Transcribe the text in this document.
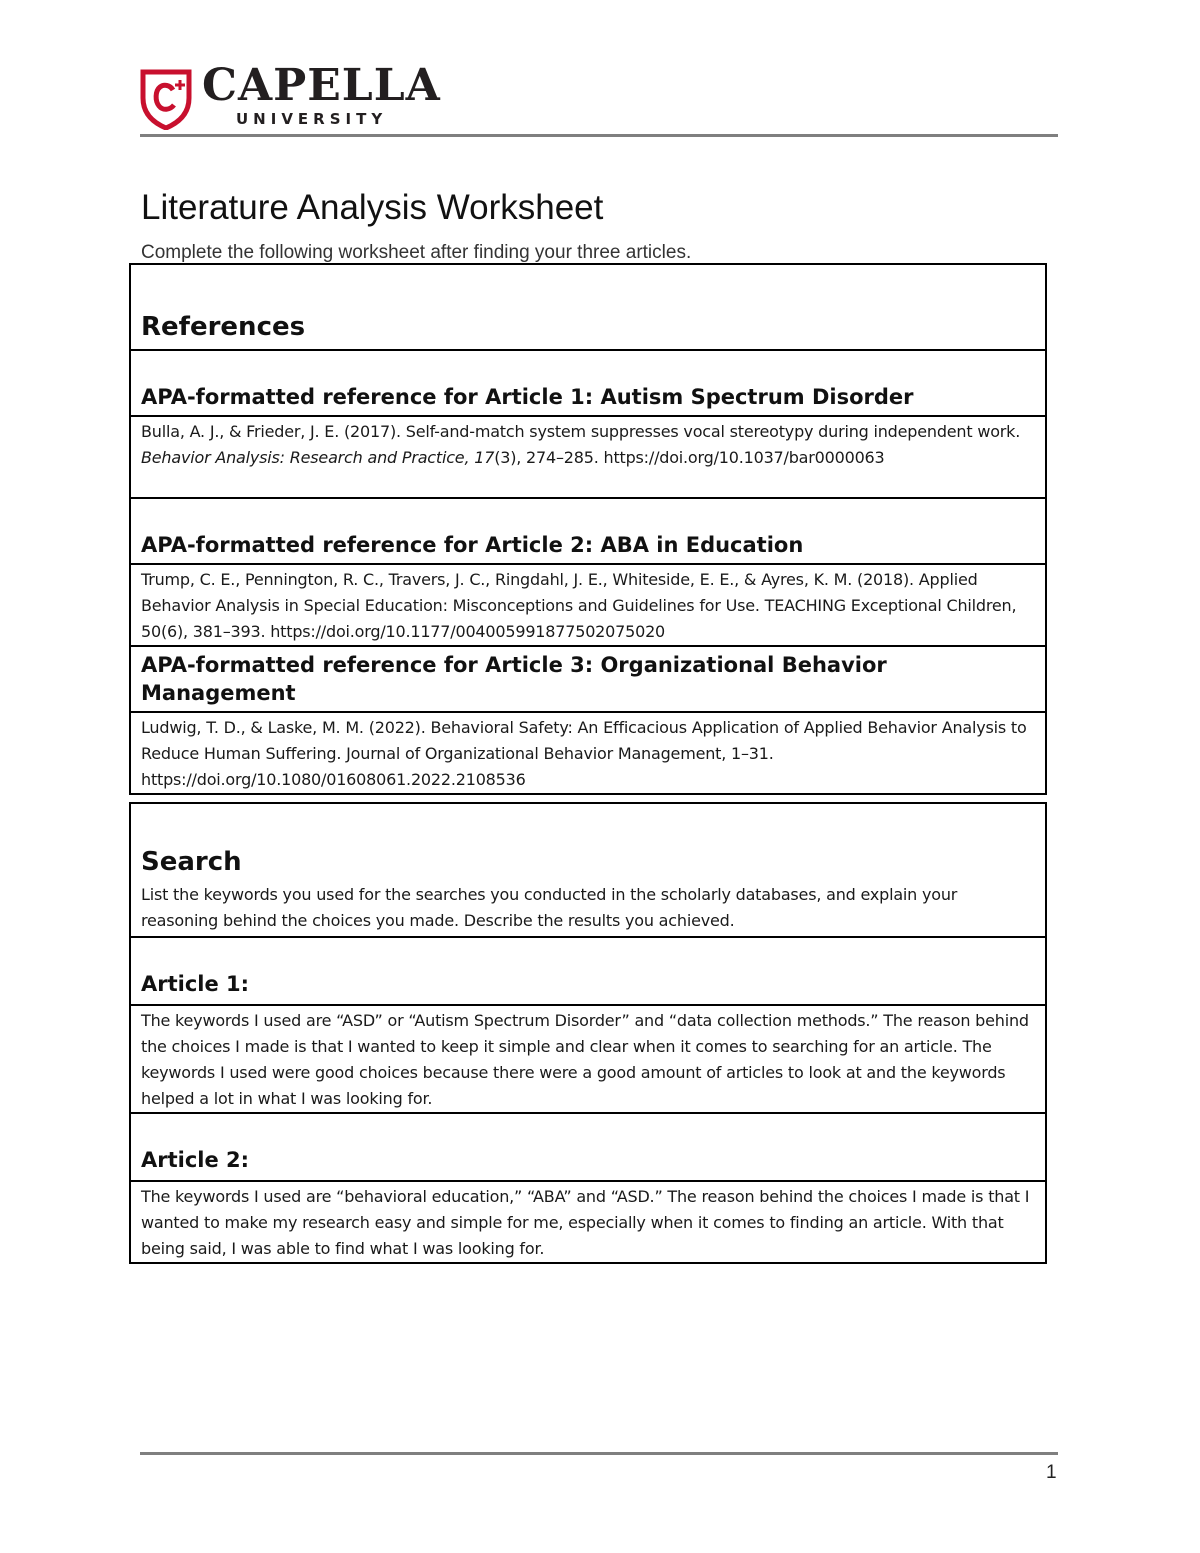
CAPELLA
UNIVERSITY
Literature Analysis Worksheet
Complete the following worksheet after finding your three articles.
References

APA-formatted reference for Article 1: Autism Spectrum Disorder

Bulla, A. J., & Frieder, J. E. (2017). Self-and-match system suppresses vocal stereotypy during independent work. Behavior Analysis: Research and Practice, 17(3), 274–285. https://doi.org/10.1037/bar0000063

APA-formatted reference for Article 2: ABA in Education

Trump, C. E., Pennington, R. C., Travers, J. C., Ringdahl, J. E., Whiteside, E. E., & Ayres, K. M. (2018). Applied Behavior Analysis in Special Education: Misconceptions and Guidelines for Use. TEACHING Exceptional Children, 50(6), 381–393. https://doi.org/10.1177/0040059918775020​75020

APA-formatted reference for Article 3: Organizational Behavior Management

Ludwig, T. D., & Laske, M. M. (2022). Behavioral Safety: An Efficacious Application of Applied Behavior Analysis to Reduce Human Suffering. Journal of Organizational Behavior Management, 1–31. https://doi.org/10.1080/01608061.2022.2108536
Search
List the keywords you used for the searches you conducted in the scholarly databases, and explain your reasoning behind the choices you made. Describe the results you achieved.

Article 1:

The keywords I used are “ASD” or “Autism Spectrum Disorder” and “data collection methods.” The reason behind the choices I made is that I wanted to keep it simple and clear when it comes to searching for an article. The keywords I used were good choices because there were a good amount of articles to look at and the keywords helped a lot in what I was looking for.

Article 2:

The keywords I used are “behavioral education,” “ABA” and “ASD.” The reason behind the choices I made is that I wanted to make my research easy and simple for me, especially when it comes to finding an article. With that being said, I was able to find what I was looking for.
1
